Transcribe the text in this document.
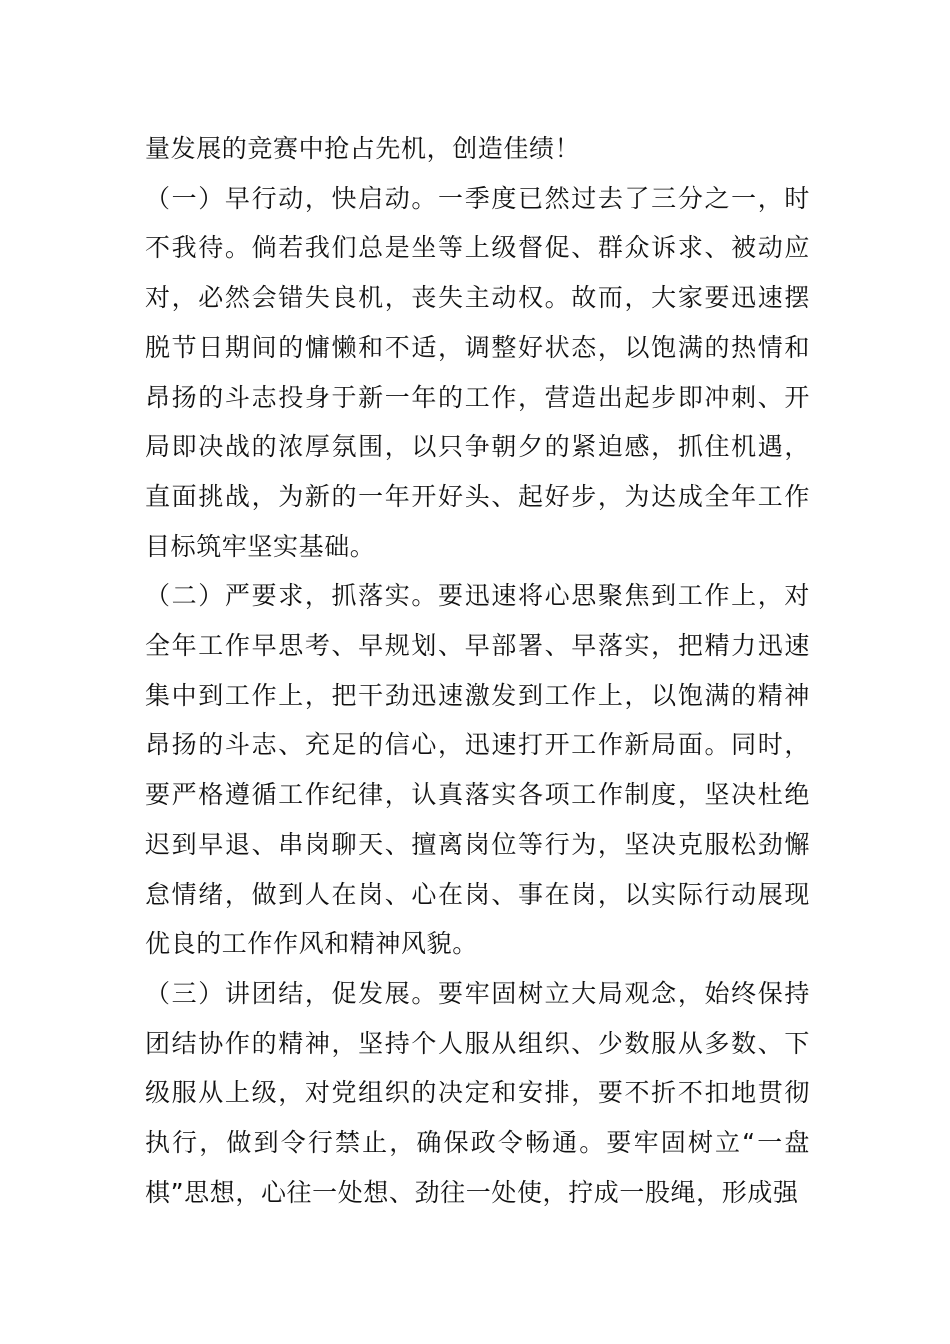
量发展的竞赛中抢占先机，创造佳绩！

（一）早行动，快启动。一季度已然过去了三分之一，时不我待。倘若我们总是坐等上级督促、群众诉求、被动应对，必然会错失良机，丧失主动权。故而，大家要迅速摆脱节日期间的慵懒和不适，调整好状态，以饱满的热情和昂扬的斗志投身于新一年的工作，营造出起步即冲刺、开局即决战的浓厚氛围，以只争朝夕的紧迫感，抓住机遇，直面挑战，为新的一年开好头、起好步，为达成全年工作目标筑牢坚实基础。

（二）严要求，抓落实。要迅速将心思聚焦到工作上，对全年工作早思考、早规划、早部署、早落实，把精力迅速集中到工作上，把干劲迅速激发到工作上，以饱满的精神昂扬的斗志、充足的信心，迅速打开工作新局面。同时，要严格遵循工作纪律，认真落实各项工作制度，坚决杜绝迟到早退、串岗聊天、擅离岗位等行为，坚决克服松劲懈怠情绪，做到人在岗、心在岗、事在岗，以实际行动展现优良的工作作风和精神风貌。

（三）讲团结，促发展。要牢固树立大局观念，始终保持团结协作的精神，坚持个人服从组织、少数服从多数、下级服从上级，对党组织的决定和安排，要不折不扣地贯彻执行，做到令行禁止，确保政令畅通。要牢固树立“一盘棋”思想，心往一处想、劲往一处使，拧成一股绳，形成强
